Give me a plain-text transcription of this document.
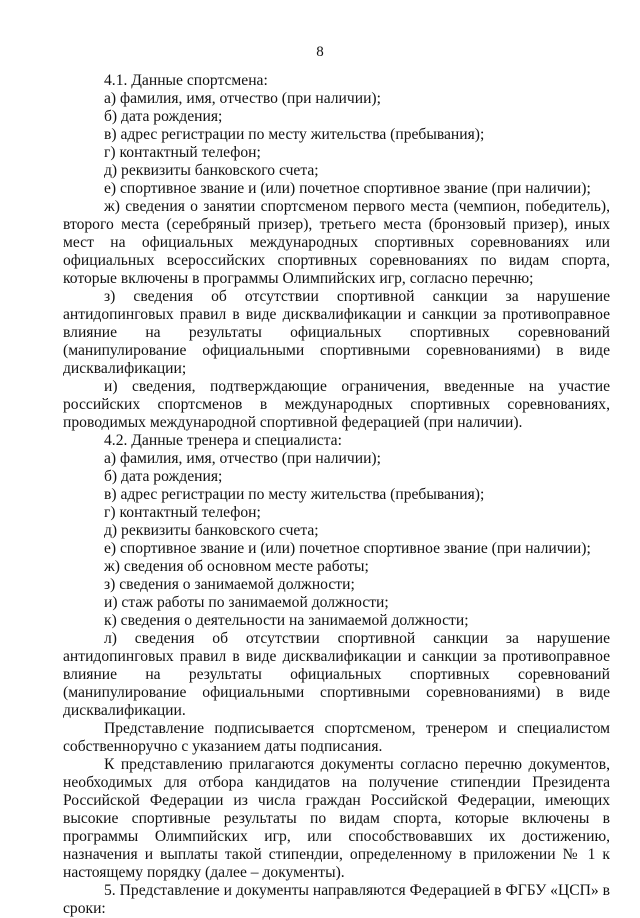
8

4.1. Данные спортсмена:

а) фамилия, имя, отчество (при наличии);

б) дата рождения;

в) адрес регистрации по месту жительства (пребывания);

г) контактный телефон;

д) реквизиты банковского счета;

е) спортивное звание и (или) почетное спортивное звание (при наличии);

ж) сведения о занятии спортсменом первого места (чемпион, победитель), второго места (серебряный призер), третьего места (бронзовый призер), иных мест на официальных международных спортивных соревнованиях или официальных всероссийских спортивных соревнованиях по видам спорта, которые включены в программы Олимпийских игр, согласно перечню;

з) сведения об отсутствии спортивной санкции за нарушение антидопинговых правил в виде дисквалификации и санкции за противоправное влияние на результаты официальных спортивных соревнований (манипулирование официальными спортивными соревнованиями) в виде дисквалификации;

и) сведения, подтверждающие ограничения, введенные на участие российских спортсменов в международных спортивных соревнованиях, проводимых международной спортивной федерацией (при наличии).

4.2. Данные тренера и специалиста:

а) фамилия, имя, отчество (при наличии);

б) дата рождения;

в) адрес регистрации по месту жительства (пребывания);

г) контактный телефон;

д) реквизиты банковского счета;

е) спортивное звание и (или) почетное спортивное звание (при наличии);

ж) сведения об основном месте работы;

з) сведения о занимаемой должности;

и) стаж работы по занимаемой должности;

к) сведения о деятельности на занимаемой должности;

л) сведения об отсутствии спортивной санкции за нарушение антидопинговых правил в виде дисквалификации и санкции за противоправное влияние на результаты официальных спортивных соревнований (манипулирование официальными спортивными соревнованиями) в виде дисквалификации.

Представление подписывается спортсменом, тренером и специалистом собственноручно с указанием даты подписания.

К представлению прилагаются документы согласно перечню документов, необходимых для отбора кандидатов на получение стипендии Президента Российской Федерации из числа граждан Российской Федерации, имеющих высокие спортивные результаты по видам спорта, которые включены в программы Олимпийских игр, или способствовавших их достижению, назначения и выплаты такой стипендии, определенному в приложении № 1 к настоящему порядку (далее – документы).

5. Представление и документы направляются Федерацией в ФГБУ «ЦСП» в сроки:
